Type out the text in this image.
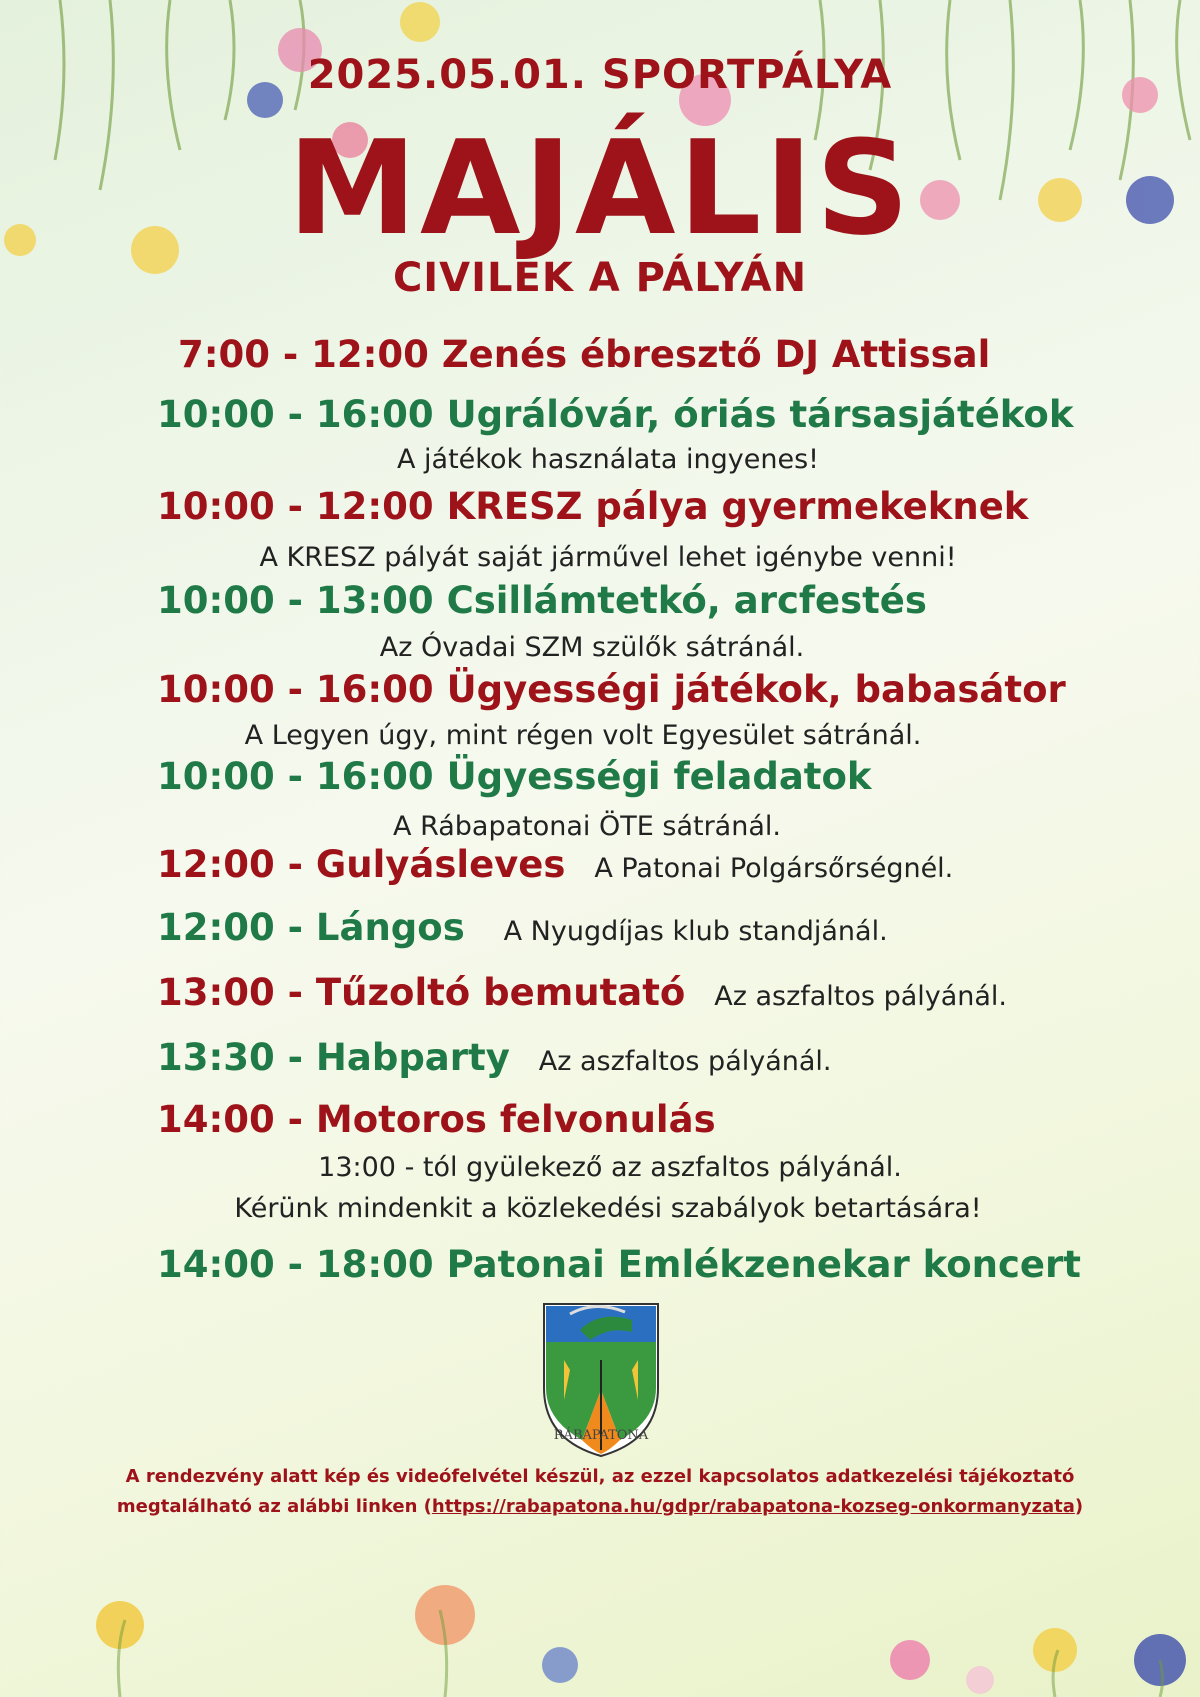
2025.05.01. SPORTPÁLYA
MAJÁLIS
CIVILEK A PÁLYÁN
7:00 - 12:00 Zenés ébresztő DJ Attissal
10:00 - 16:00 Ugrálóvár, óriás társasjátékok
A játékok használata ingyenes!
10:00 - 12:00 KRESZ pálya gyermekeknek
A KRESZ pályát saját járművel lehet igénybe venni!
10:00 - 13:00 Csillámtetkó, arcfestés
Az Óvadai SZM szülők sátránál.
10:00 - 16:00 Ügyességi játékok, babasátor
A Legyen úgy, mint régen volt Egyesület sátránál.
10:00 - 16:00 Ügyességi feladatok
A Rábapatonai ÖTE sátránál.
12:00 - Gulyásleves A Patonai Polgársőrségnél.
12:00 - Lángos A Nyugdíjas klub standjánál.
13:00 - Tűzoltó bemutató Az aszfaltos pályánál.
13:30 - Habparty Az aszfaltos pályánál.
14:00 - Motoros felvonulás
13:00 - tól gyülekező az aszfaltos pályánál.
Kérünk mindenkit a közlekedési szabályok betartására!
14:00 - 18:00 Patonai Emlékzenekar koncert
RÁBAPATONA
A rendezvény alatt kép és videófelvétel készül, az ezzel kapcsolatos adatkezelési tájékoztató
megtalálható az alábbi linken (https://rabapatona.hu/gdpr/rabapatona-kozseg-onkormanyzata)
